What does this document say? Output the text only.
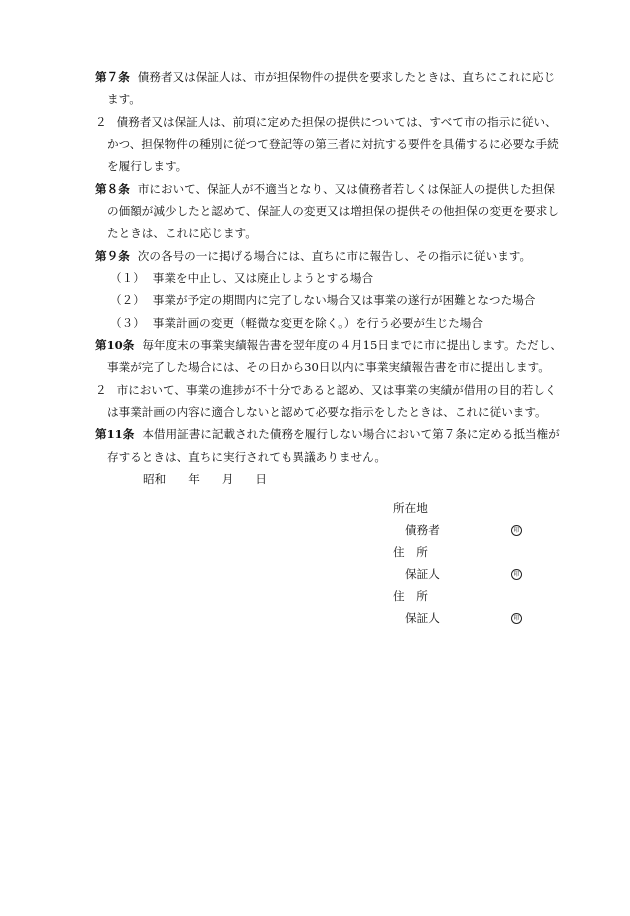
第７条 債務者又は保証人は、市が担保物件の提供を要求したときは、直ちにこれに応じ
ます。
２ 債務者又は保証人は、前項に定めた担保の提供については、すべて市の指示に従い、
かつ、担保物件の種別に従つて登記等の第三者に対抗する要件を具備するに必要な手続
を履行します。
第８条 市において、保証人が不適当となり、又は債務者若しくは保証人の提供した担保
の価額が減少したと認めて、保証人の変更又は増担保の提供その他担保の変更を要求し
たときは、これに応じます。
第９条 次の各号の一に掲げる場合には、直ちに市に報告し、その指示に従います。
（１） 事業を中止し、又は廃止しようとする場合
（２） 事業が予定の期間内に完了しない場合又は事業の遂行が困難となつた場合
（３） 事業計画の変更（軽微な変更を除く。）を行う必要が生じた場合
第10条 毎年度末の事業実績報告書を翌年度の４月15日までに市に提出します。ただし、
事業が完了した場合には、その日から30日以内に事業実績報告書を市に提出します。
２ 市において、事業の進捗が不十分であると認め、又は事業の実績が借用の目的若しく
は事業計画の内容に適合しないと認めて必要な指示をしたときは、これに従います。
第11条 本借用証書に記載された債務を履行しない場合において第７条に定める抵当権が
存するときは、直ちに実行されても異議ありません。
昭和 年 月 日
所在地
債務者	印
住　所
保証人	印
住　所
保証人	印
